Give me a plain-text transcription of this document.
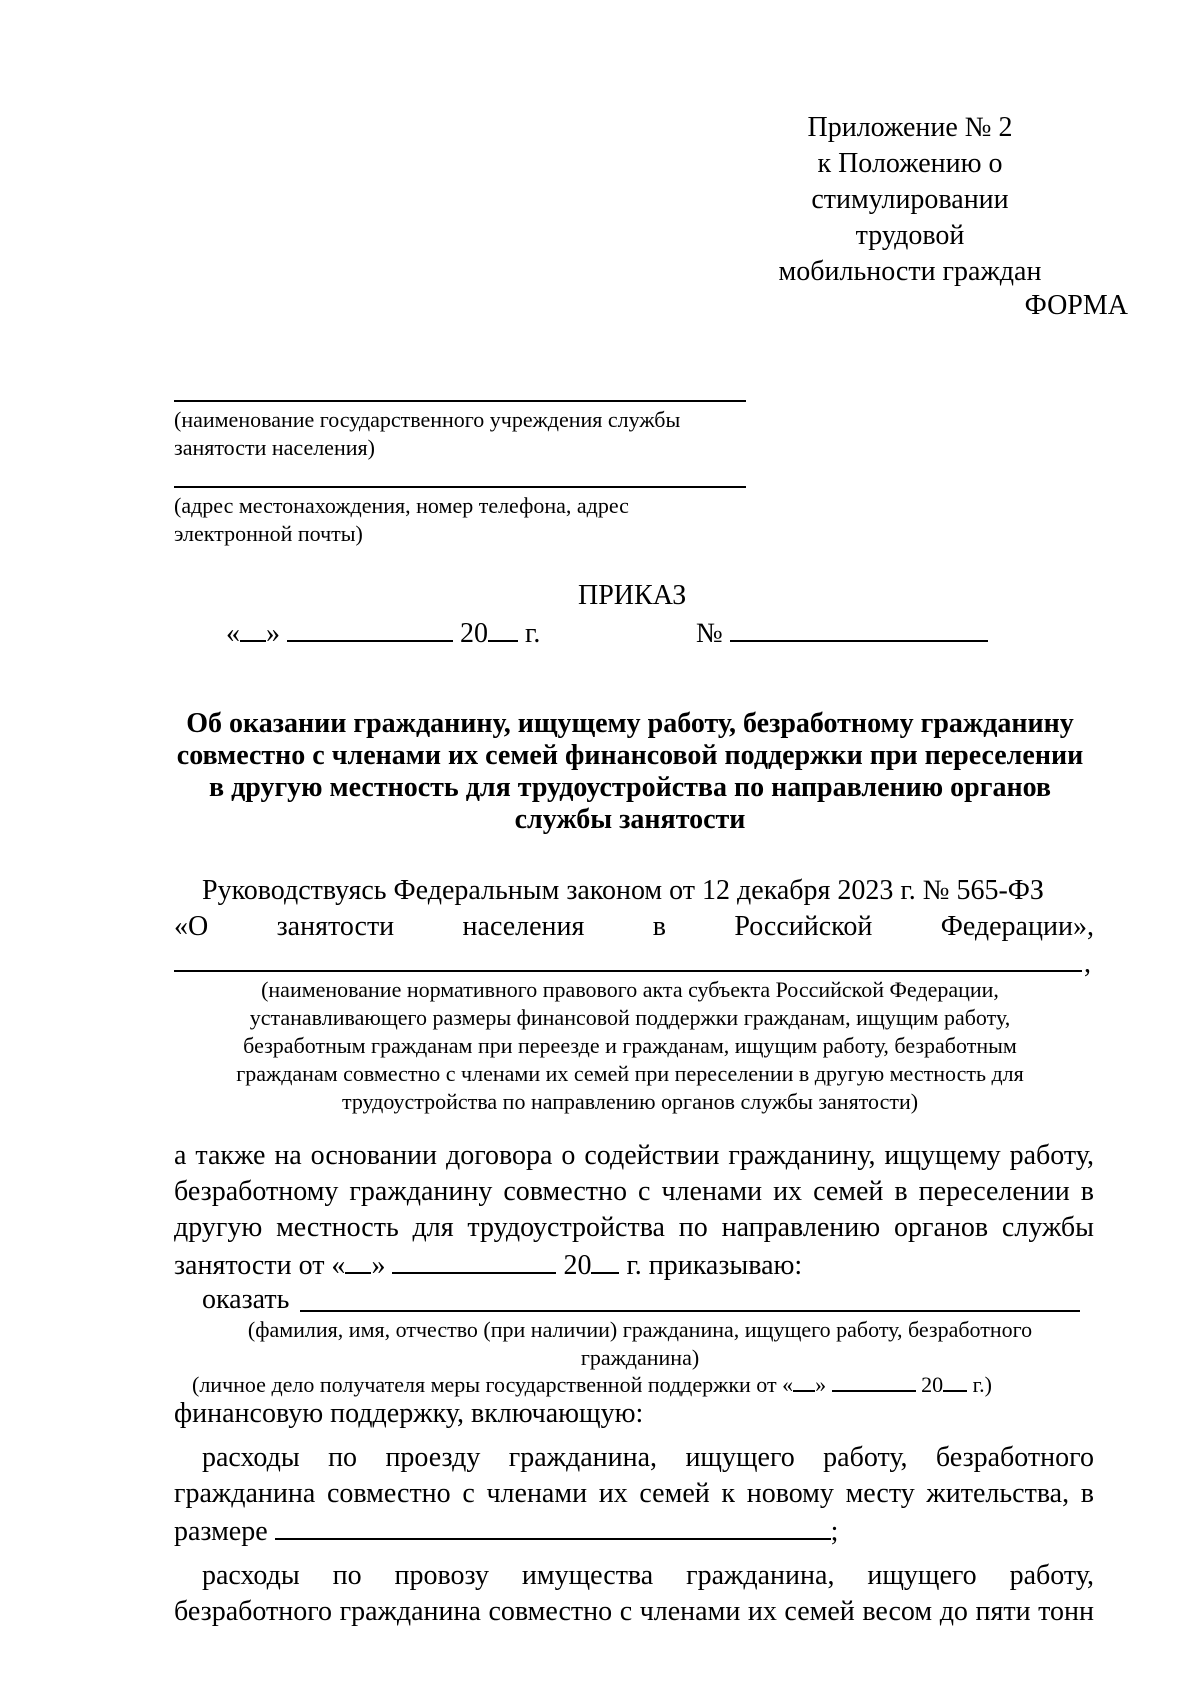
Приложение № 2
к Положению о
стимулировании трудовой
мобильности граждан
ФОРМА
(наименование государственного учреждения службы
занятости населения)
(адрес местонахождения, номер телефона, адрес
электронной почты)
ПРИКАЗ
« »	20 г.	№
Об оказании гражданину, ищущему работу, безработному гражданину
совместно с членами их семей финансовой поддержки при переселении
в другую местность для трудоустройства по направлению органов
службы занятости
Руководствуясь Федеральным законом от 12 декабря 2023 г. № 565-ФЗ
«О занятости населения в Российской Федерации»,
,
(наименование нормативного правового акта субъекта Российской Федерации,
устанавливающего размеры финансовой поддержки гражданам, ищущим работу,
безработным гражданам при переезде и гражданам, ищущим работу, безработным
гражданам совместно с членами их семей при переселении в другую местность для
трудоустройства по направлению органов службы занятости)
а также на основании договора о содействии гражданину, ищущему работу,
безработному гражданину совместно с членами их семей в переселении в
другую местность для трудоустройства по направлению органов службы
занятости от « »	20 г. приказываю:
оказать
(фамилия, имя, отчество (при наличии) гражданина, ищущего работу, безработного
гражданина)
(личное дело получателя меры государственной поддержки от « »	20 г.)
финансовую поддержку, включающую:
расходы по проезду гражданина, ищущего работу, безработного
гражданина совместно с членами их семей к новому месту жительства, в
размере	;
расходы по провозу имущества гражданина, ищущего работу,
безработного гражданина совместно с членами их семей весом до пяти тонн
